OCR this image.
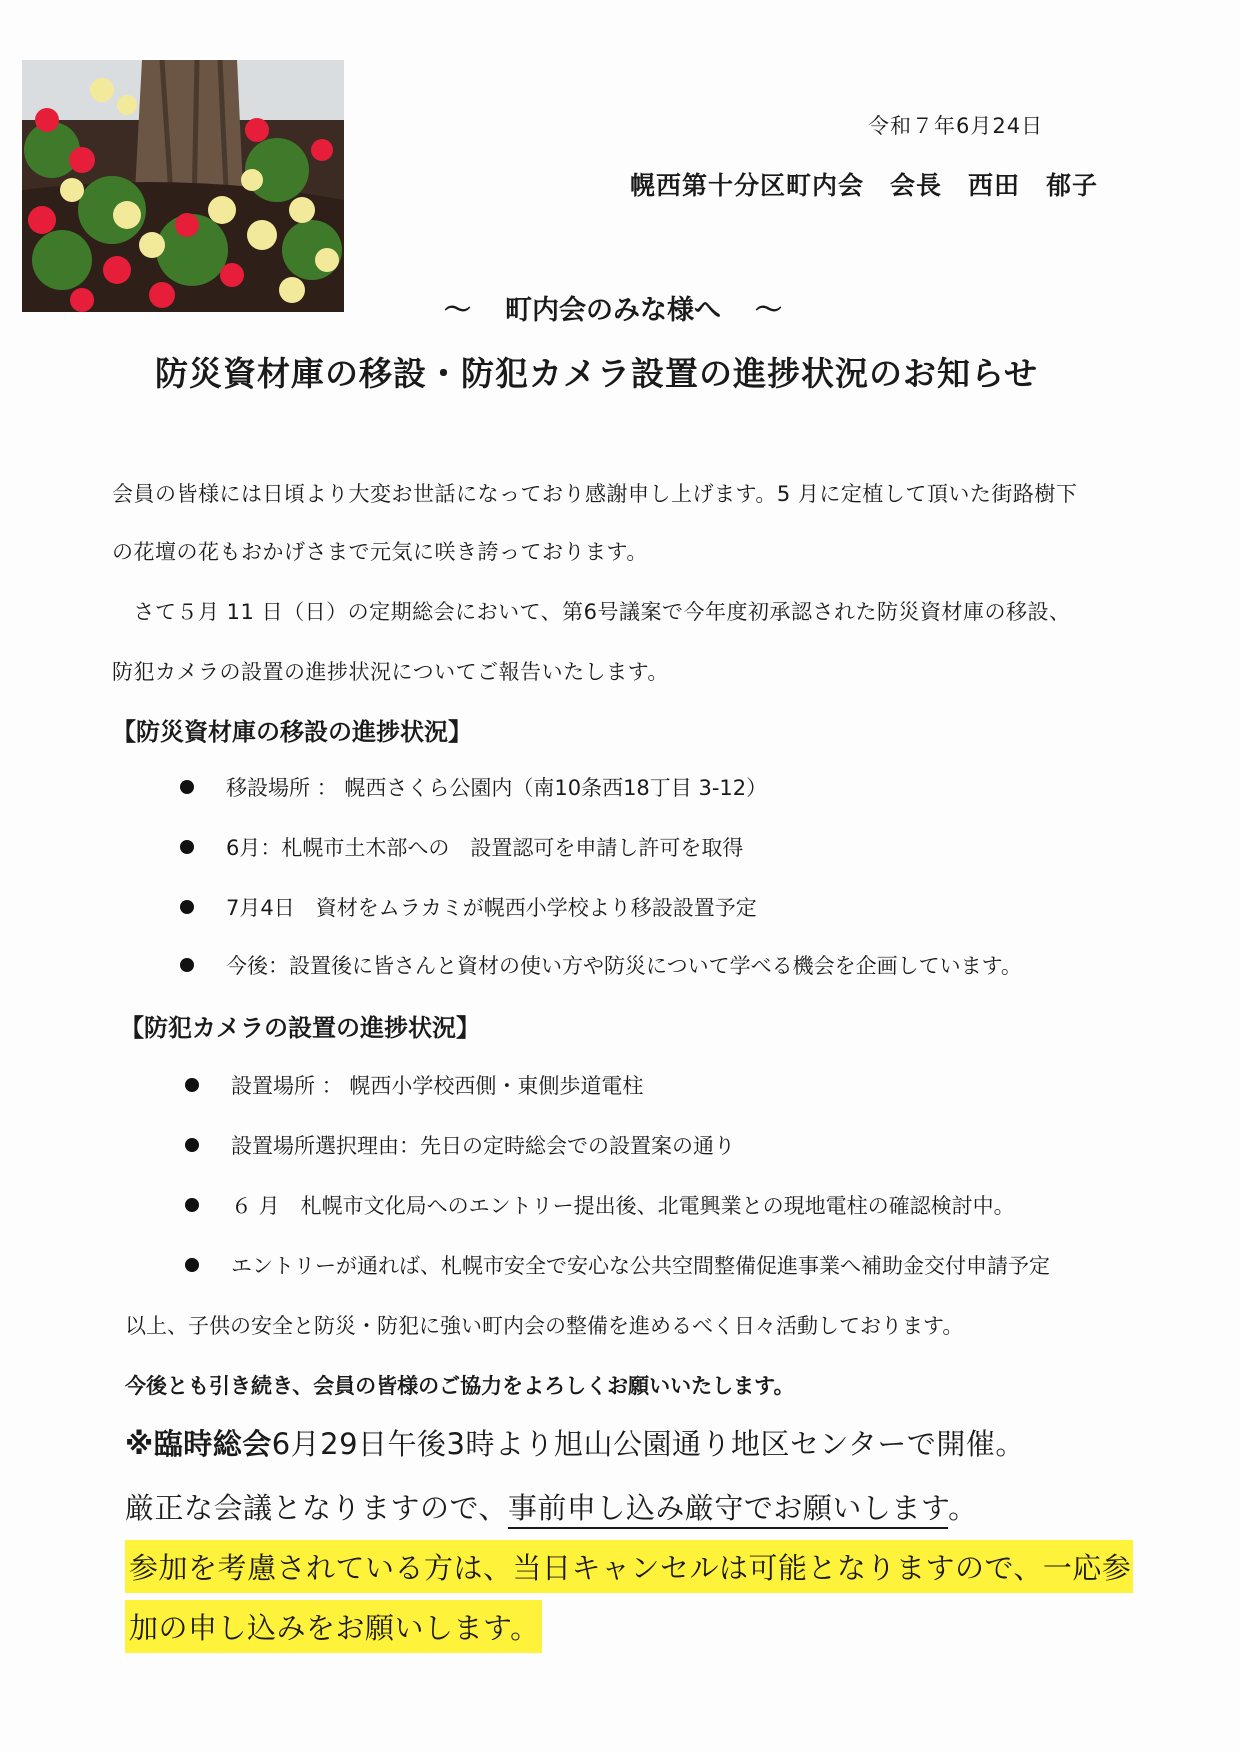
令和７年6月24日
幌西第十分区町内会　会長　西田　郁子
～ 町内会のみな様へ ～
防災資材庫の移設・防犯カメラ設置の進捗状況のお知らせ
会員の皆様には日頃より大変お世話になっており感謝申し上げます。5 月に定植して頂いた街路樹下
の花壇の花もおかげさまで元気に咲き誇っております。
　さて５月 11 日（日）の定期総会において、第6号議案で今年度初承認された防災資材庫の移設、
防犯カメラの設置の進捗状況についてご報告いたします。
【防災資材庫の移設の進捗状況】
移設場所 ： 幌西さくら公園内（南10条西18丁目 3-12）
6月：札幌市土木部への　設置認可を申請し許可を取得
7月4日　資材をムラカミが幌西小学校より移設設置予定
今後：設置後に皆さんと資材の使い方や防災について学べる機会を企画しています。
【防犯カメラの設置の進捗状況】
設置場所 ： 幌西小学校西側・東側歩道電柱
設置場所選択理由：先日の定時総会での設置案の通り
６ 月　札幌市文化局へのエントリー提出後、北電興業との現地電柱の確認検討中。
エントリーが通れば、札幌市安全で安心な公共空間整備促進事業へ補助金交付申請予定
以上、子供の安全と防災・防犯に強い町内会の整備を進めるべく日々活動しております。
今後とも引き続き、会員の皆様のご協力をよろしくお願いいたします。
※臨時総会6月29日午後3時より旭山公園通り地区センターで開催。
厳正な会議となりますので、事前申し込み厳守でお願いします。
参加を考慮されている方は、当日キャンセルは可能となりますので、一応参
加の申し込みをお願いします。
